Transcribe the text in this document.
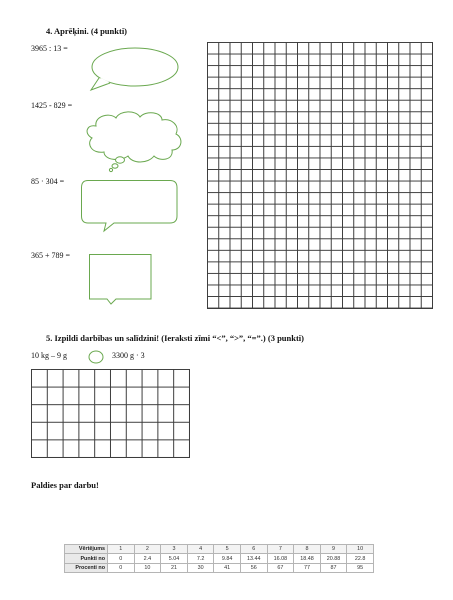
4. Aprēķini. (4 punkti)
3965 : 13 =
1425 - 829 =
85 · 304 =
365 + 789 =
5. Izpildi darbības un salīdzini! (Ieraksti zīmi “<”, “>”, “=”.) (3 punkti)
10 kg – 9 g	3300 g · 3
Paldies par darbu!
Vērtējums	1	2	3	4	5	6	7	8	9	10
Punkti no	0	2.4	5.04	7.2	9.84	13.44	16.08	18.48	20.88	22.8
Procenti no	0	10	21	30	41	56	67	77	87	95
